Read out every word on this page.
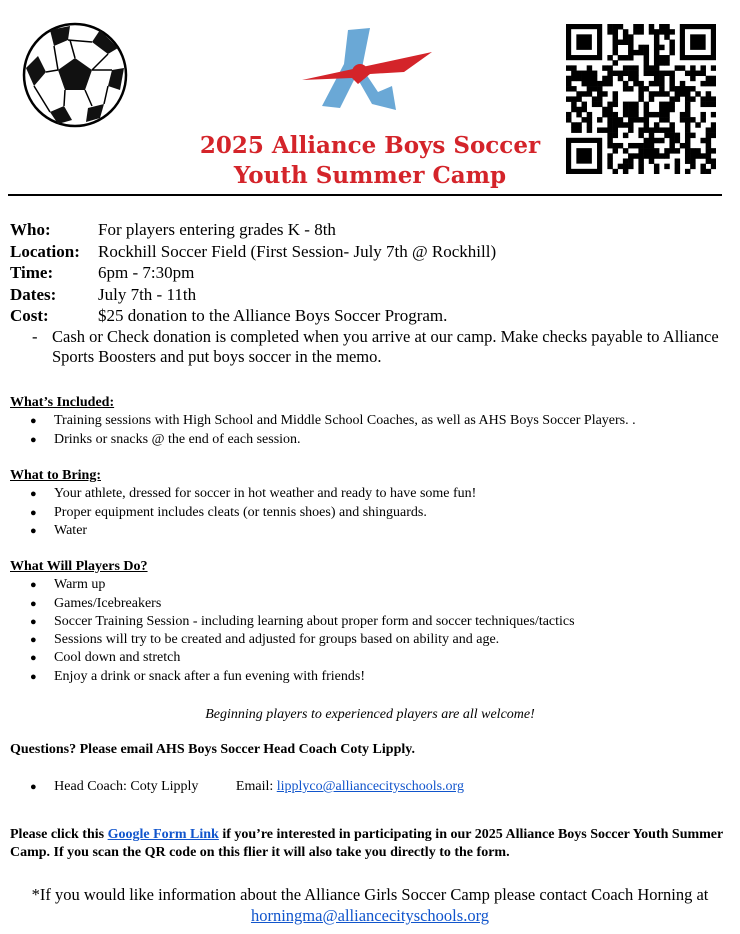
2025 Alliance Boys Soccer
Youth Summer Camp
Who:	For players entering grades K - 8th
Location:	Rockhill Soccer Field (First Session- July 7th @ Rockhill)
Time:	6pm - 7:30pm
Dates:	July 7th - 11th
Cost:	$25 donation to the Alliance Boys Soccer Program.
- Cash or Check donation is completed when you arrive at our camp. Make checks payable to Alliance Sports Boosters and put boys soccer in the memo.
What’s Included:
● Training sessions with High School and Middle School Coaches, as well as AHS Boys Soccer Players. .
● Drinks or snacks @ the end of each session.
What to Bring:
● Your athlete, dressed for soccer in hot weather and ready to have some fun!
● Proper equipment includes cleats (or tennis shoes) and shinguards.
● Water
What Will Players Do?
● Warm up
● Games/Icebreakers
● Soccer Training Session - including learning about proper form and soccer techniques/tactics
● Sessions will try to be created and adjusted for groups based on ability and age.
● Cool down and stretch
● Enjoy a drink or snack after a fun evening with friends!
Beginning players to experienced players are all welcome!
Questions? Please email AHS Boys Soccer Head Coach Coty Lipply.
● Head Coach: Coty Lipply	Email: lipplyco@alliancecityschools.org
Please click this Google Form Link if you’re interested in participating in our 2025 Alliance Boys Soccer Youth Summer Camp. If you scan the QR code on this flier it will also take you directly to the form.
*If you would like information about the Alliance Girls Soccer Camp please contact Coach Horning at horningma@alliancecityschools.org
